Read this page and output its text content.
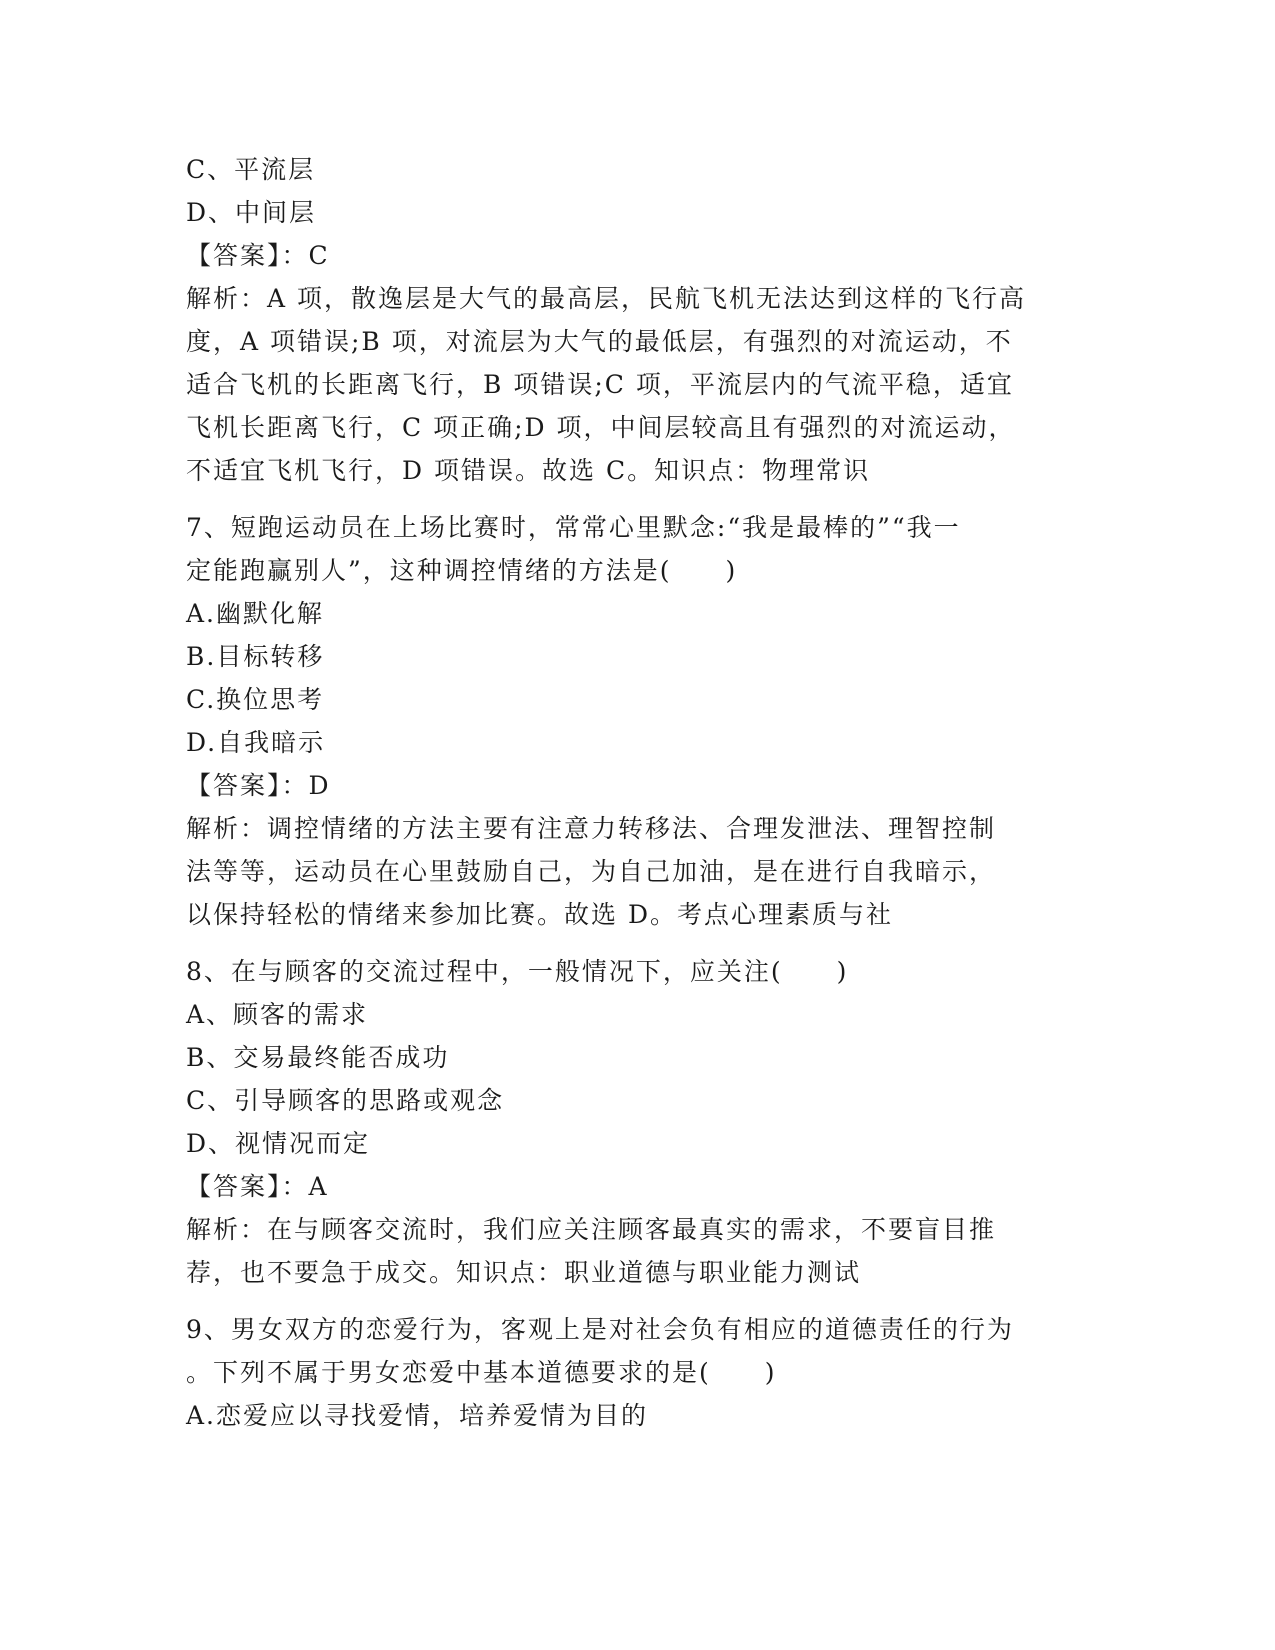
C、平流层
D、中间层
【答案】：C
解析：A 项，散逸层是大气的最高层，民航飞机无法达到这样的飞行高
度，A 项错误;B 项，对流层为大气的最低层，有强烈的对流运动，不
适合飞机的长距离飞行，B 项错误;C 项，平流层内的气流平稳，适宜
飞机长距离飞行，C 项正确;D 项，中间层较高且有强烈的对流运动，
不适宜飞机飞行，D 项错误。故选 C。知识点：物理常识
7、短跑运动员在上场比赛时，常常心里默念:“我是最棒的”“我一
定能跑赢别人”，这种调控情绪的方法是(　　)
A.幽默化解
B.目标转移
C.换位思考
D.自我暗示
【答案】：D
解析：调控情绪的方法主要有注意力转移法、合理发泄法、理智控制
法等等，运动员在心里鼓励自己，为自己加油，是在进行自我暗示，
以保持轻松的情绪来参加比赛。故选 D。考点心理素质与社
8、在与顾客的交流过程中，一般情况下，应关注(　　)
A、顾客的需求
B、交易最终能否成功
C、引导顾客的思路或观念
D、视情况而定
【答案】：A
解析：在与顾客交流时，我们应关注顾客最真实的需求，不要盲目推
荐，也不要急于成交。知识点：职业道德与职业能力测试
9、男女双方的恋爱行为，客观上是对社会负有相应的道德责任的行为
。下列不属于男女恋爱中基本道德要求的是(　　)
A.恋爱应以寻找爱情，培养爱情为目的
